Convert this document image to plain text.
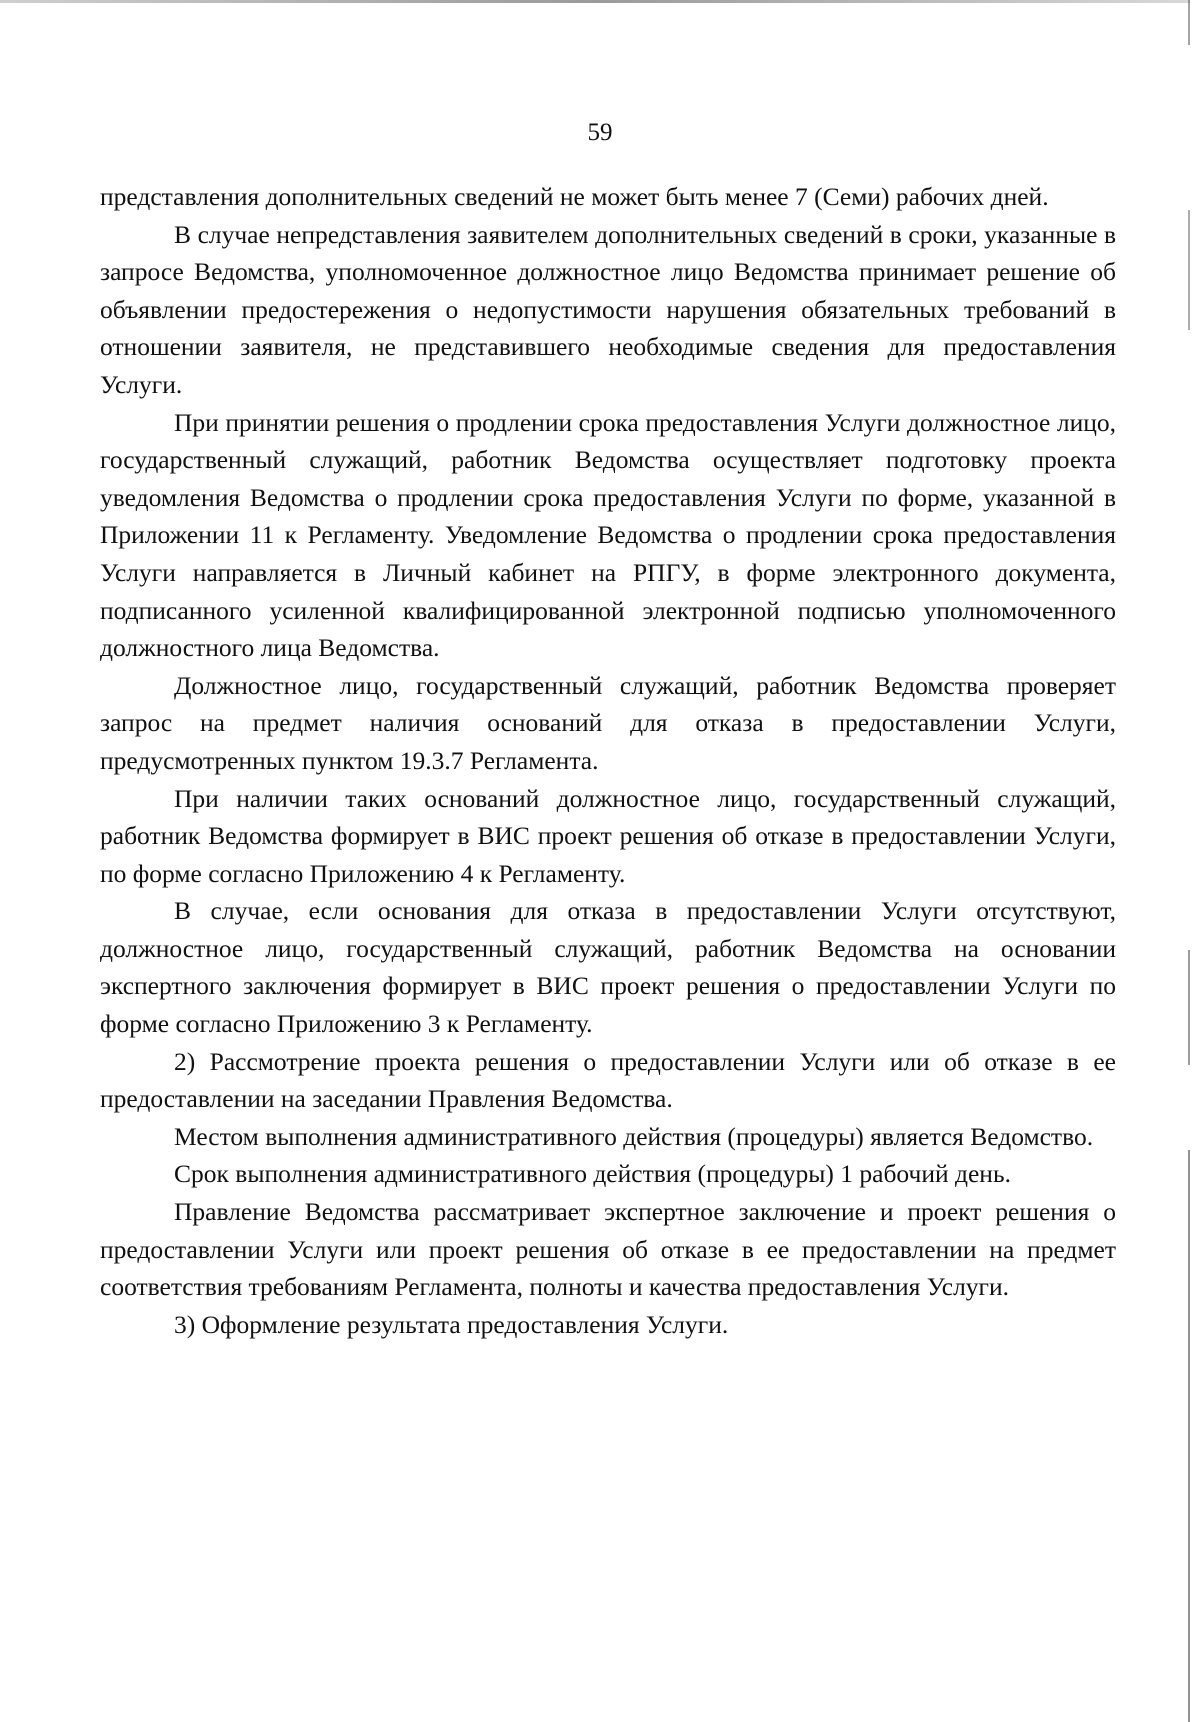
59

представления дополнительных сведений не может быть менее 7 (Семи) рабочих дней.

В случае непредставления заявителем дополнительных сведений в сроки, указанные в запросе Ведомства, уполномоченное должностное лицо Ведомства принимает решение об объявлении предостережения о недопустимости нарушения обязательных требований в отношении заявителя, не представившего необходимые сведения для предоставления Услуги.

При принятии решения о продлении срока предоставления Услуги должностное лицо, государственный служащий, работник Ведомства осуществляет подготовку проекта уведомления Ведомства о продлении срока предоставления Услуги по форме, указанной в Приложении 11 к Регламенту. Уведомление Ведомства о продлении срока предоставления Услуги направляется в Личный кабинет на РПГУ, в форме электронного документа, подписанного усиленной квалифицированной электронной подписью уполномоченного должностного лица Ведомства.

Должностное лицо, государственный служащий, работник Ведомства проверяет запрос на предмет наличия оснований для отказа в предоставлении Услуги, предусмотренных пунктом 19.3.7 Регламента.

При наличии таких оснований должностное лицо, государственный служащий, работник Ведомства формирует в ВИС проект решения об отказе в предоставлении Услуги, по форме согласно Приложению 4 к Регламенту.

В случае, если основания для отказа в предоставлении Услуги отсутствуют, должностное лицо, государственный служащий, работник Ведомства на основании экспертного заключения формирует в ВИС проект решения о предоставлении Услуги по форме согласно Приложению 3 к Регламенту.

2) Рассмотрение проекта решения о предоставлении Услуги или об отказе в ее предоставлении на заседании Правления Ведомства.

Местом выполнения административного действия (процедуры) является Ведомство.

Срок выполнения административного действия (процедуры) 1 рабочий день.

Правление Ведомства рассматривает экспертное заключение и проект решения о предоставлении Услуги или проект решения об отказе в ее предоставлении на предмет соответствия требованиям Регламента, полноты и качества предоставления Услуги.

3) Оформление результата предоставления Услуги.
